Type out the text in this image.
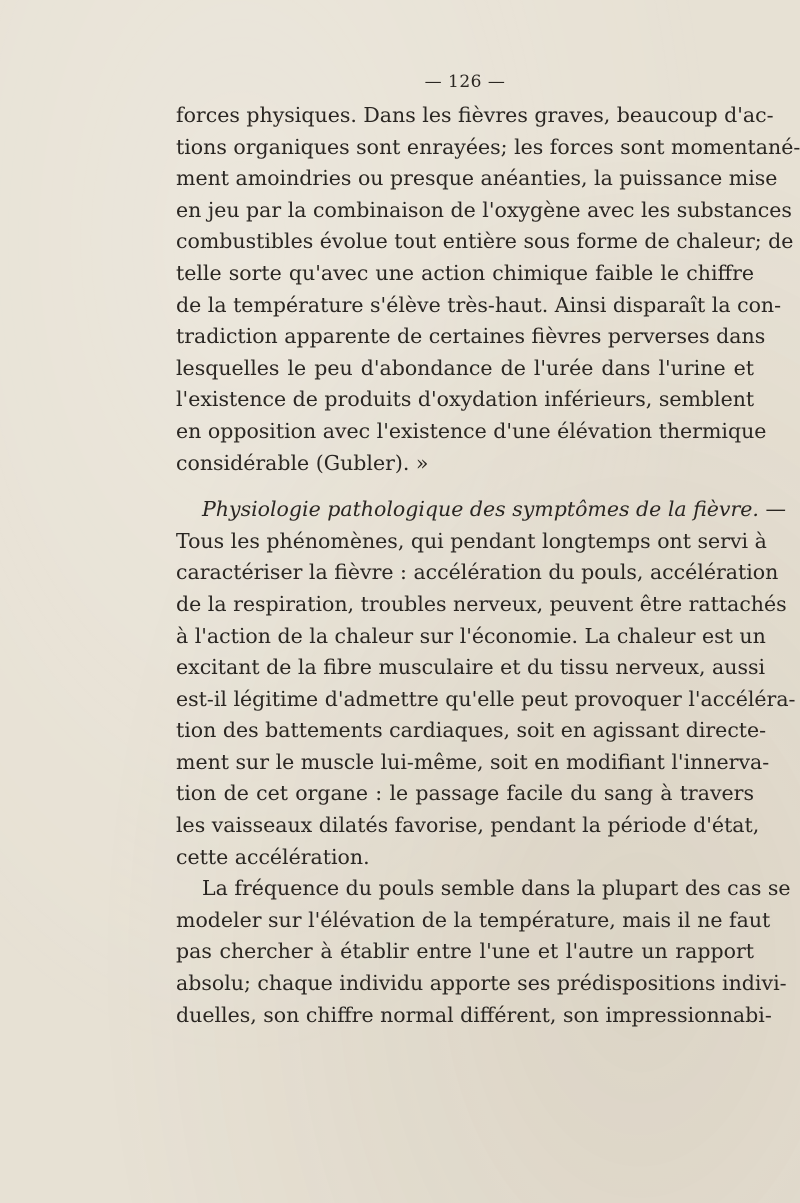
— 126 —
forces physiques. Dans les fièvres graves, beaucoup d'ac-
tions organiques sont enrayées; les forces sont momentané-
ment amoindries ou presque anéanties, la puissance mise
en jeu par la combinaison de l'oxygène avec les substances
combustibles évolue tout entière sous forme de chaleur; de
telle sorte qu'avec une action chimique faible le chiffre
de la température s'élève très-haut. Ainsi disparaît la con-
tradiction apparente de certaines fièvres perverses dans
lesquelles le peu d'abondance de l'urée dans l'urine et
l'existence de produits d'oxydation inférieurs, semblent
en opposition avec l'existence d'une élévation thermique
considérable (Gubler). »
Physiologie pathologique des symptômes de la fièvre. —
Tous les phénomènes, qui pendant longtemps ont servi à
caractériser la fièvre : accélération du pouls, accélération
de la respiration, troubles nerveux, peuvent être rattachés
à l'action de la chaleur sur l'économie. La chaleur est un
excitant de la fibre musculaire et du tissu nerveux, aussi
est-il légitime d'admettre qu'elle peut provoquer l'accéléra-
tion des battements cardiaques, soit en agissant directe-
ment sur le muscle lui-même, soit en modifiant l'innerva-
tion de cet organe : le passage facile du sang à travers
les vaisseaux dilatés favorise, pendant la période d'état,
cette accélération.
La fréquence du pouls semble dans la plupart des cas se
modeler sur l'élévation de la température, mais il ne faut
pas chercher à établir entre l'une et l'autre un rapport
absolu; chaque individu apporte ses prédispositions indivi-
duelles, son chiffre normal différent, son impressionnabi-
